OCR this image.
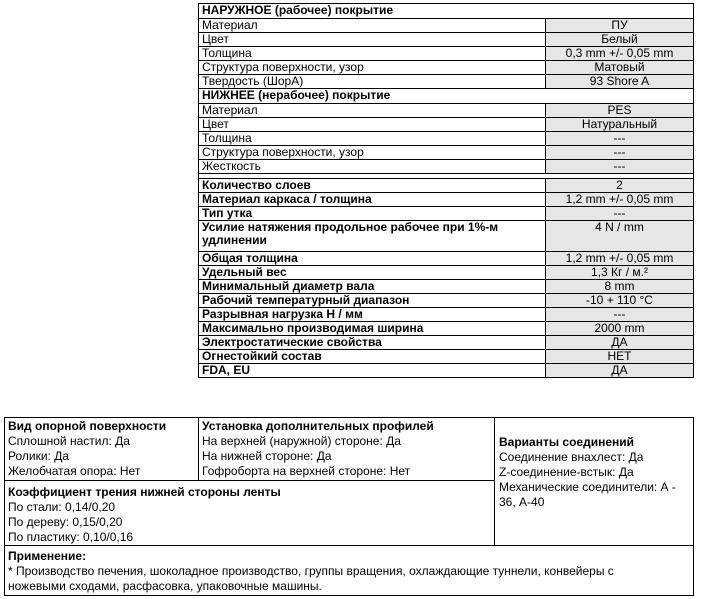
НАРУЖНОЕ (рабочее) покрытие	
Материал	ПУ
Цвет	Белый
Толщина	0,3 mm +/- 0,05 mm
Структура поверхности, узор	Матовый
Твердость (ШорА)	93 Shore A
НИЖНЕЕ (нерабочее) покрытие	
Материал	PES
Цвет	Натуральный
Толщина	---
Структура поверхности, узор	---
Жесткость	---

Количество слоев	2
Материал каркаса / толщина	1,2 mm +/- 0,05 mm
Тип утка	---
Усилие натяжения продольное рабочее при 1%-м удлинении	4 N / mm
Общая толщина	1,2 mm +/- 0,05 mm
Удельный вес	1,3 Кг / м.²
Минимальный диаметр вала	8 mm
Рабочий температурный диапазон	-10 + 110 °C
Разрывная нагрузка Н / мм	---
Максимально производимая ширина	2000 mm
Электростатические свойства	ДА
Огнестойкий состав	НЕТ
FDA, EU	ДА
Вид опорной поверхности
Сплошной настил: Да
Ролики: Да
Желобчатая опора: Нет
Установка дополнительных профилей
На верхней (наружной) стороне: Да
На нижней стороне: Да
Гофроборта на верхней стороне: Нет
Варианты соединений
Соединение внахлест: Да
Z-соединение-встык: Да
Механические соединители: А -
36, А-40
Коэффициент трения нижней стороны ленты
По стали: 0,14/0,20
По дереву: 0,15/0,20
По пластику: 0,10/0,16
Применение:
* Производство печения, шоколадное производство, группы вращения, охлаждающие туннели, конвейеры с
ножевыми сходами, расфасовка, упаковочные машины.
